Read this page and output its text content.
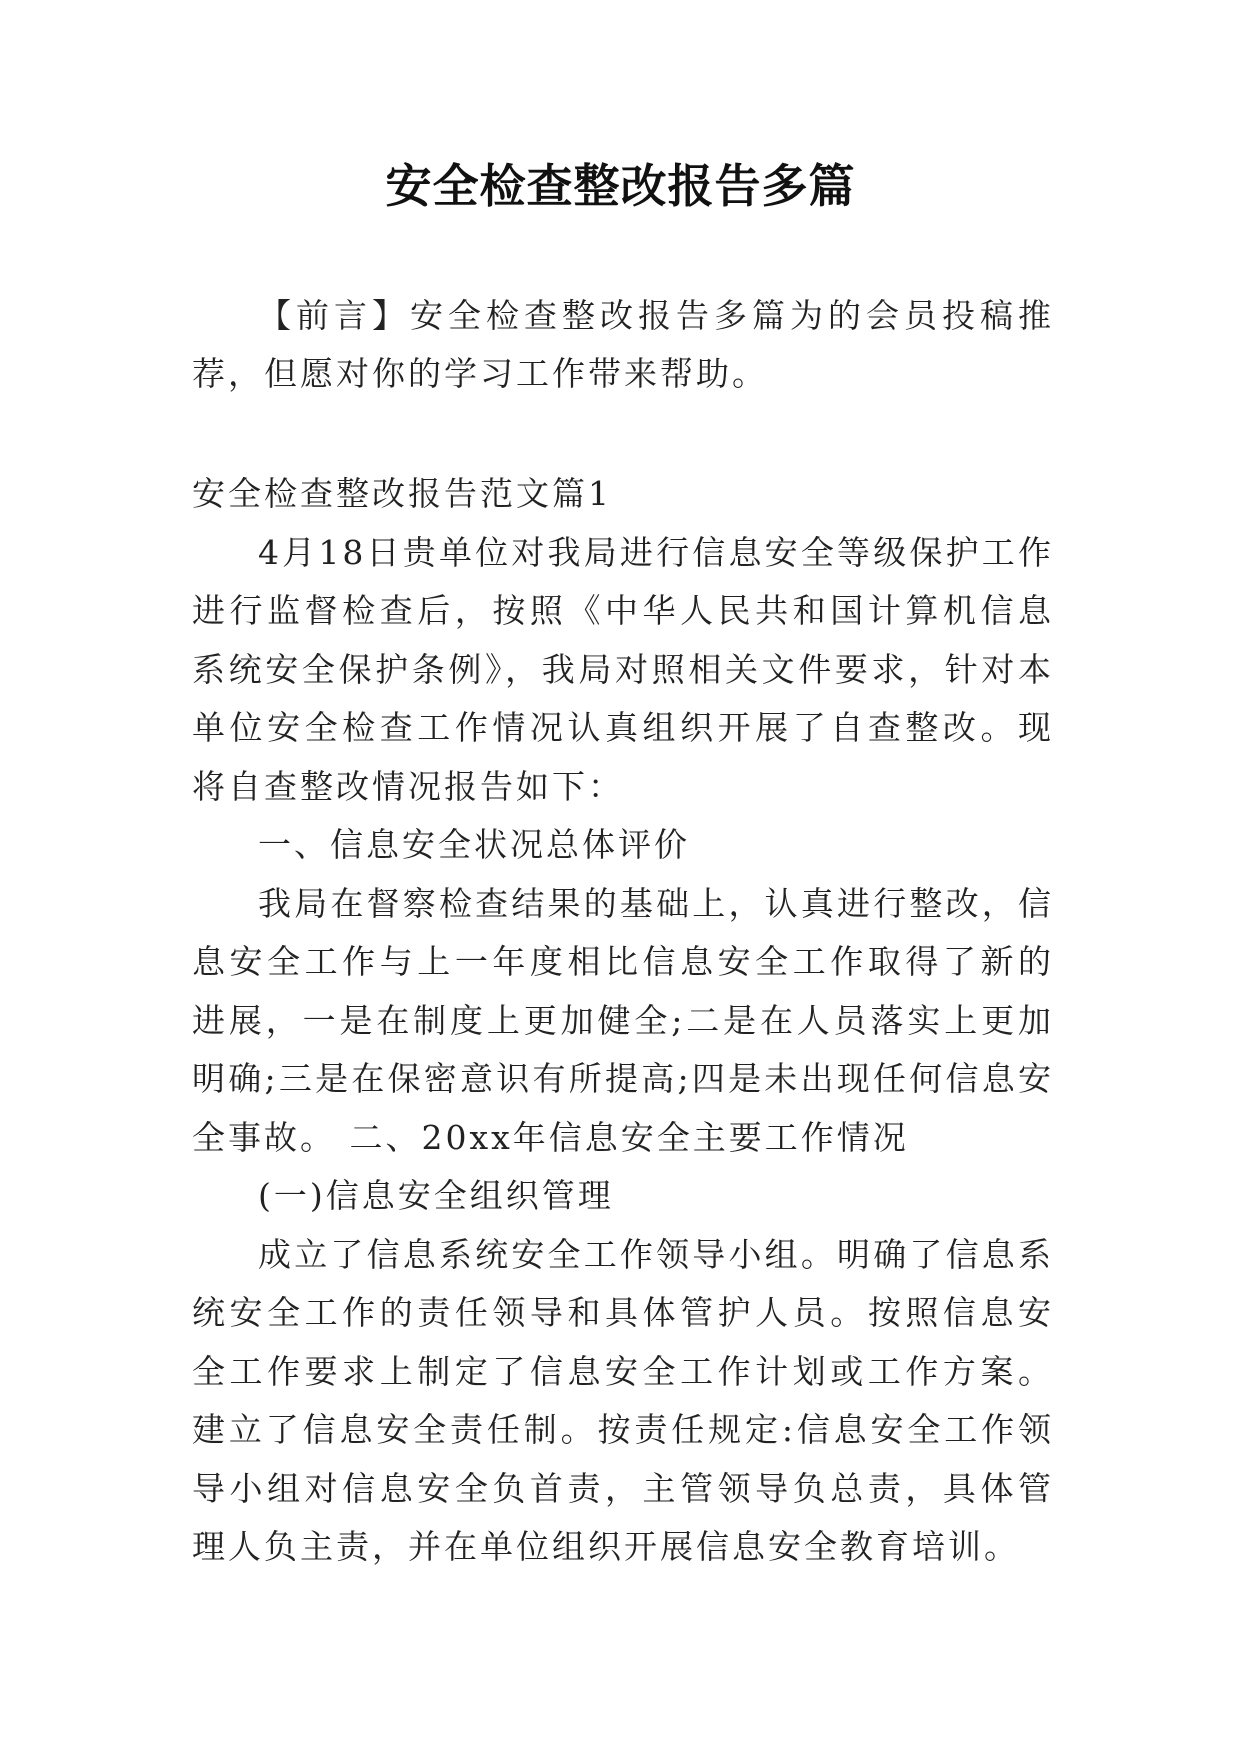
安全检查整改报告多篇

【前言】安全检查整改报告多篇为的会员投稿推荐，但愿对你的学习工作带来帮助。

安全检查整改报告范文篇1

4月18日贵单位对我局进行信息安全等级保护工作进行监督检查后，按照《中华人民共和国计算机信息系统安全保护条例》，我局对照相关文件要求，针对本单位安全检查工作情况认真组织开展了自查整改。现将自查整改情况报告如下：

一、信息安全状况总体评价

我局在督察检查结果的基础上，认真进行整改，信息安全工作与上一年度相比信息安全工作取得了新的进展，一是在制度上更加健全;二是在人员落实上更加明确;三是在保密意识有所提高;四是未出现任何信息安全事故。 二、20xx年信息安全主要工作情况

(一)信息安全组织管理

成立了信息系统安全工作领导小组。明确了信息系统安全工作的责任领导和具体管护人员。按照信息安全工作要求上制定了信息安全工作计划或工作方案。建立了信息安全责任制。按责任规定:信息安全工作领导小组对信息安全负首责，主管领导负总责，具体管理人负主责，并在单位组织开展信息安全教育培训。
